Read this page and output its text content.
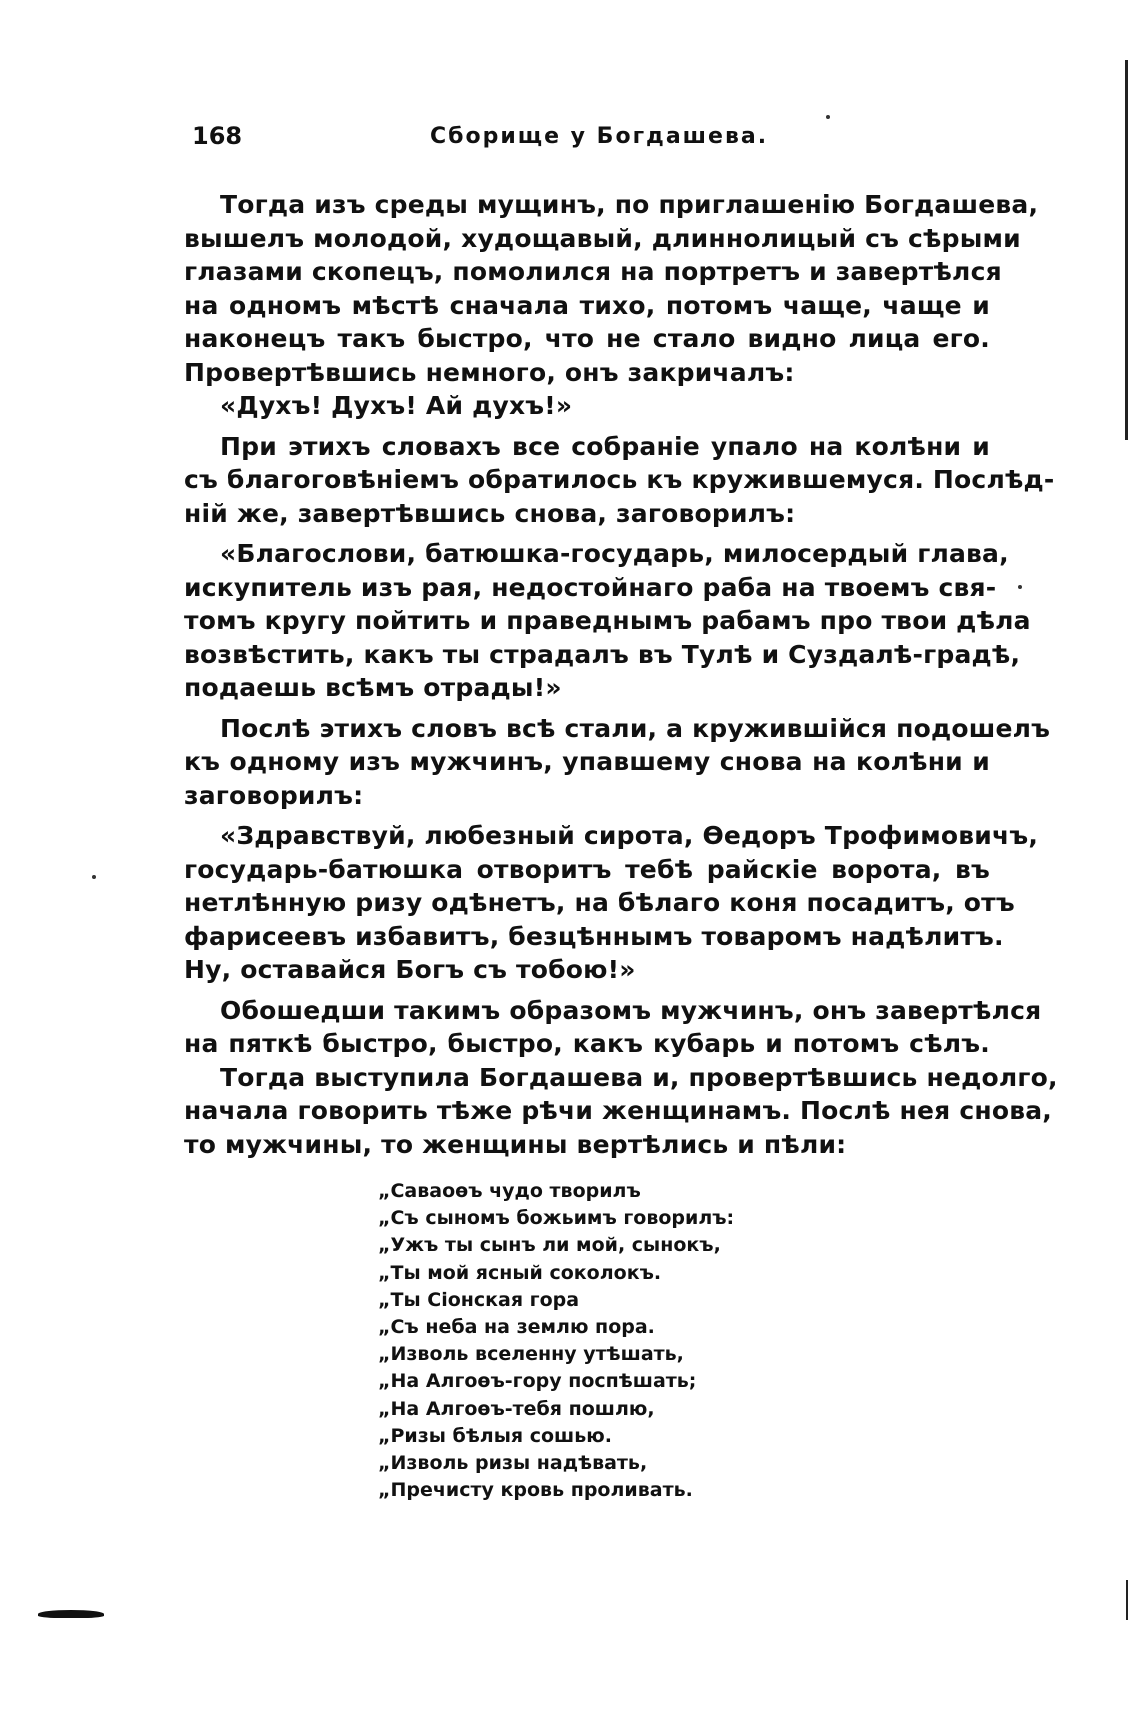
168	Сборище у Богдашева.
Тогда изъ среды мущинъ, по приглашенію Богдашева,
вышелъ молодой, худощавый, длиннолицый съ сѣрыми
глазами скопецъ, помолился на портретъ и завертѣлся
на одномъ мѣстѣ сначала тихо, потомъ чаще, чаще и
наконецъ такъ быстро, что не стало видно лица его.
Провертѣвшись немного, онъ закричалъ:
«Духъ! Духъ! Ай духъ!»
При этихъ словахъ все собраніе упало на колѣни и
съ благоговѣніемъ обратилось къ кружившемуся. Послѣд-
ній же, завертѣвшись снова, заговорилъ:
«Благослови, батюшка-государь, милосердый глава,
искупитель изъ рая, недостойнаго раба на твоемъ свя-
томъ кругу пойтить и праведнымъ рабамъ про твои дѣла
возвѣстить, какъ ты страдалъ въ Тулѣ и Суздалѣ-градѣ,
подаешь всѣмъ отрады!»
Послѣ этихъ словъ всѣ стали, а кружившійся подошелъ
къ одному изъ мужчинъ, упавшему снова на колѣни и
заговорилъ:
«Здравствуй, любезный сирота, Ѳедоръ Трофимовичъ,
государь-батюшка отворитъ тебѣ райскіе ворота, въ
нетлѣнную ризу одѣнетъ, на бѣлаго коня посадитъ, отъ
фарисеевъ избавитъ, безцѣннымъ товаромъ надѣлитъ.
Ну, оставайся Богъ съ тобою!»
Обошедши такимъ образомъ мужчинъ, онъ завертѣлся
на пяткѣ быстро, быстро, какъ кубарь и потомъ сѣлъ.
Тогда выступила Богдашева и, провертѣвшись недолго,
начала говорить тѣже рѣчи женщинамъ. Послѣ нея снова,
то мужчины, то женщины вертѣлись и пѣли:
„Саваоѳъ чудо творилъ
„Съ сыномъ божьимъ говорилъ:
„Ужъ ты сынъ ли мой, сынокъ,
„Ты мой ясный соколокъ.
„Ты Сіонская гора
„Съ неба на землю пора.
„Изволь вселенну утѣшать,
„На Алгоѳъ-гору поспѣшать;
„На Алгоѳъ-тебя пошлю,
„Ризы бѣлыя сошью.
„Изволь ризы надѣвать,
„Пречисту кровь проливать.
